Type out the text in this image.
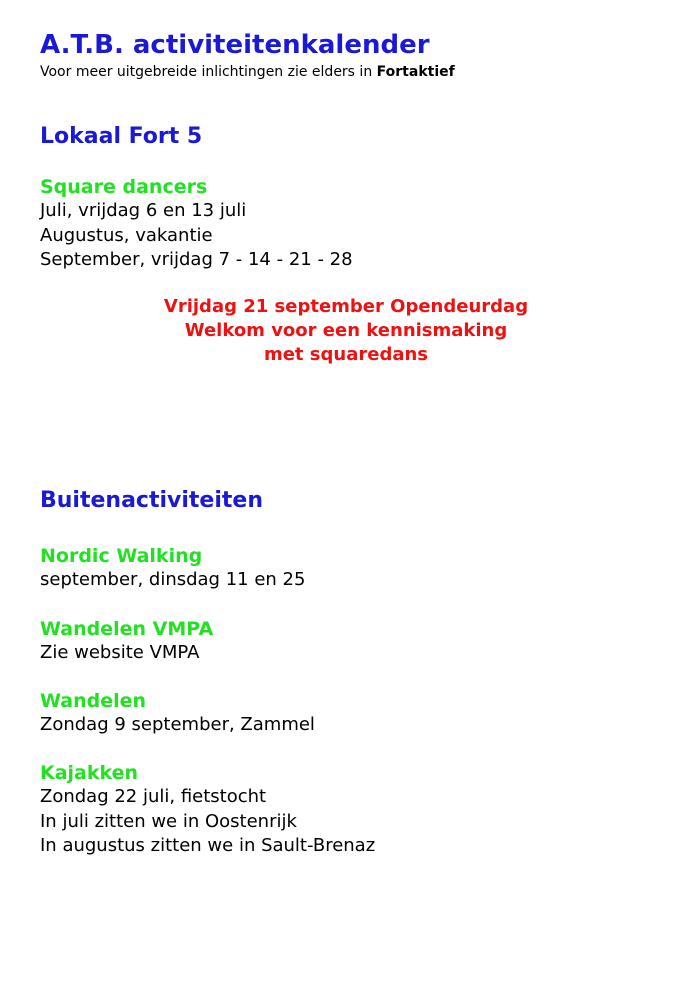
A.T.B. activiteitenkalender
Voor meer uitgebreide inlichtingen zie elders in Fortaktief
Lokaal Fort 5
Square dancers
Juli, vrijdag 6 en 13 juli
Augustus, vakantie
September, vrijdag 7 - 14 - 21 - 28
Vrijdag 21 september Opendeurdag
Welkom voor een kennismaking
met squaredans
Buitenactiviteiten
Nordic Walking
september, dinsdag 11 en 25
Wandelen VMPA
Zie website VMPA
Wandelen
Zondag 9 september, Zammel
Kajakken
Zondag 22 juli, fietstocht
In juli zitten we in Oostenrijk
In augustus zitten we in Sault-Brenaz
